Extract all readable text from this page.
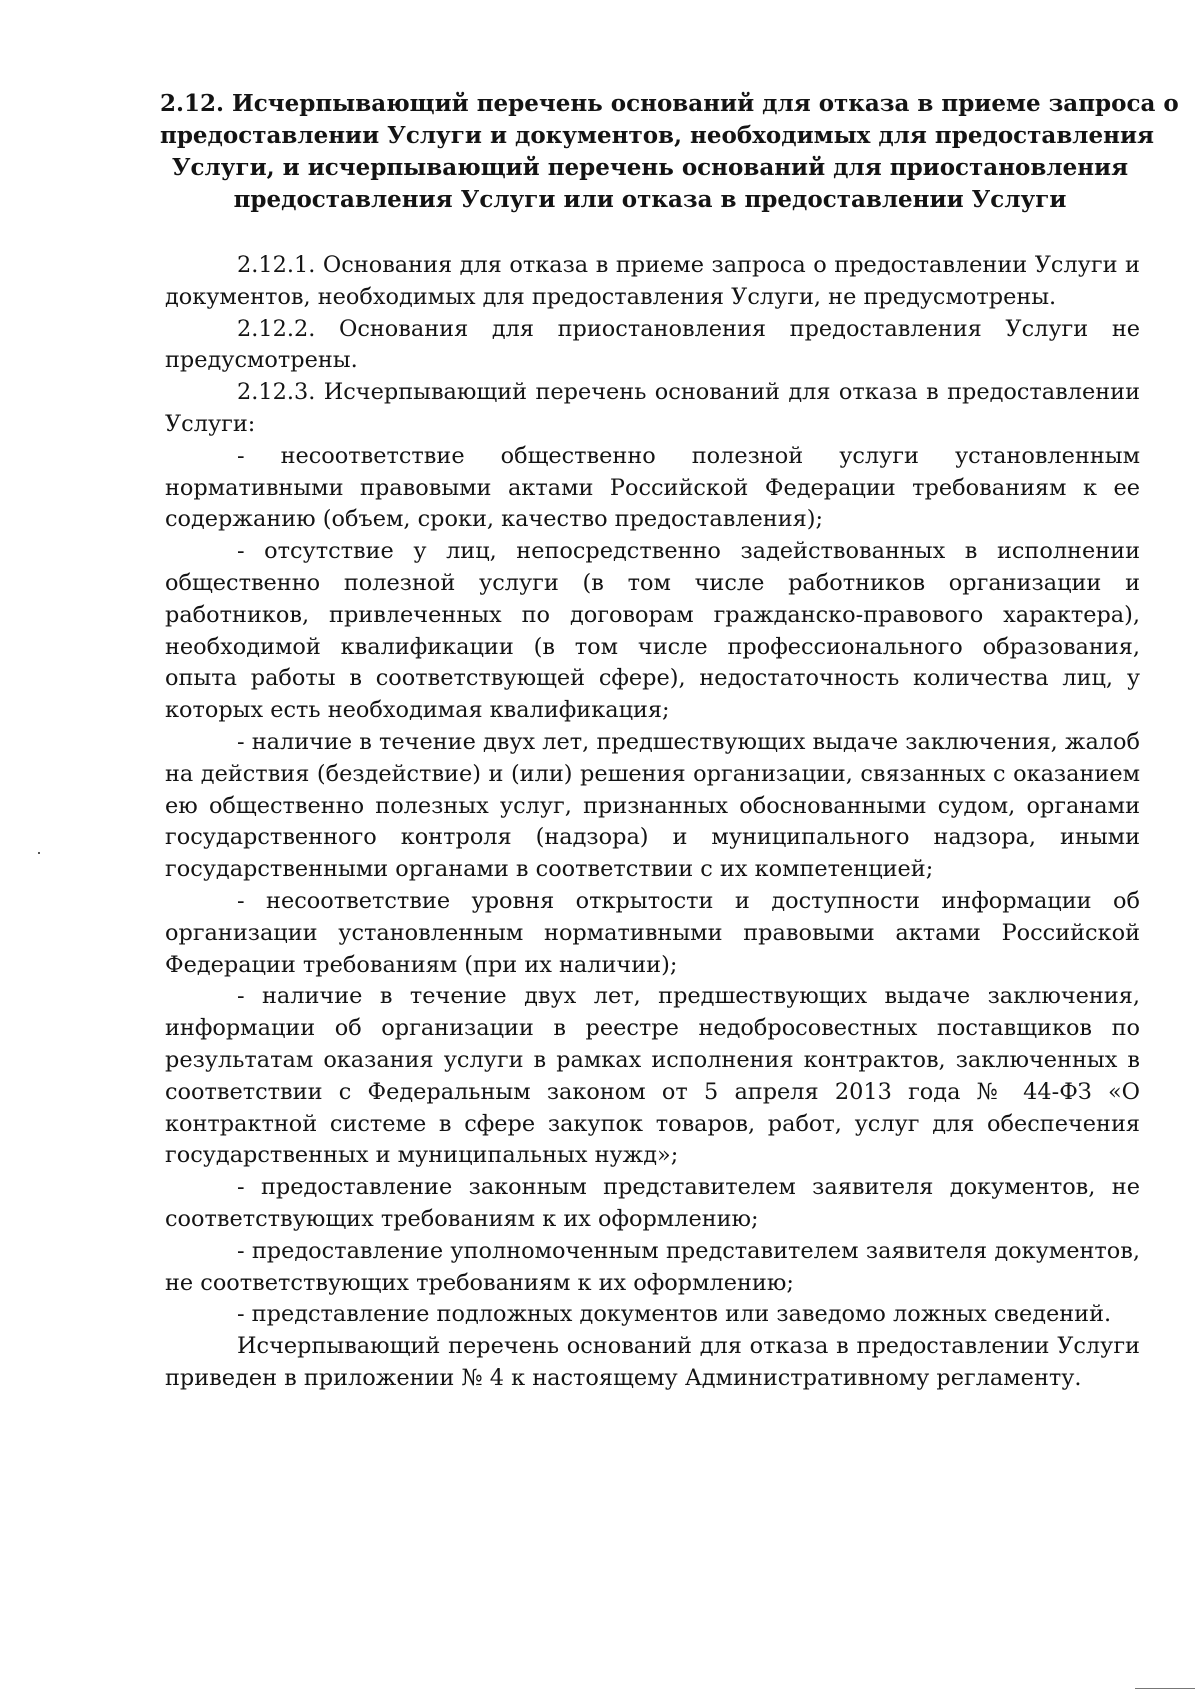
2.12. Исчерпывающий перечень оснований для отказа в приеме запроса о
предоставлении Услуги и документов, необходимых для предоставления
Услуги, и исчерпывающий перечень оснований для приостановления
предоставления Услуги или отказа в предоставлении Услуги

2.12.1. Основания для отказа в приеме запроса о предоставлении Услуги и документов, необходимых для предоставления Услуги, не предусмотрены.

2.12.2. Основания для приостановления предоставления Услуги не предусмотрены.

2.12.3. Исчерпывающий перечень оснований для отказа в предоставлении Услуги:

- несоответствие общественно полезной услуги установленным нормативными правовыми актами Российской Федерации требованиям к ее содержанию (объем, сроки, качество предоставления);

- отсутствие у лиц, непосредственно задействованных в исполнении общественно полезной услуги (в том числе работников организации и работников, привлеченных по договорам гражданско-правового характера), необходимой квалификации (в том числе профессионального образования, опыта работы в соответствующей сфере), недостаточность количества лиц, у которых есть необходимая квалификация;

- наличие в течение двух лет, предшествующих выдаче заключения, жалоб на действия (бездействие) и (или) решения организации, связанных с оказанием ею общественно полезных услуг, признанных обоснованными судом, органами государственного контроля (надзора) и муниципального надзора, иными государственными органами в соответствии с их компетенцией;

- несоответствие уровня открытости и доступности информации об организации установленным нормативными правовыми актами Российской Федерации требованиям (при их наличии);

- наличие в течение двух лет, предшествующих выдаче заключения, информации об организации в реестре недобросовестных поставщиков по результатам оказания услуги в рамках исполнения контрактов, заключенных в соответствии с Федеральным законом от 5 апреля 2013 года № 44-ФЗ «О контрактной системе в сфере закупок товаров, работ, услуг для обеспечения государственных и муниципальных нужд»;

- предоставление законным представителем заявителя документов, не соответствующих требованиям к их оформлению;

- предоставление уполномоченным представителем заявителя документов, не соответствующих требованиям к их оформлению;

- представление подложных документов или заведомо ложных сведений.

Исчерпывающий перечень оснований для отказа в предоставлении Услуги приведен в приложении № 4 к настоящему Административному регламенту.
